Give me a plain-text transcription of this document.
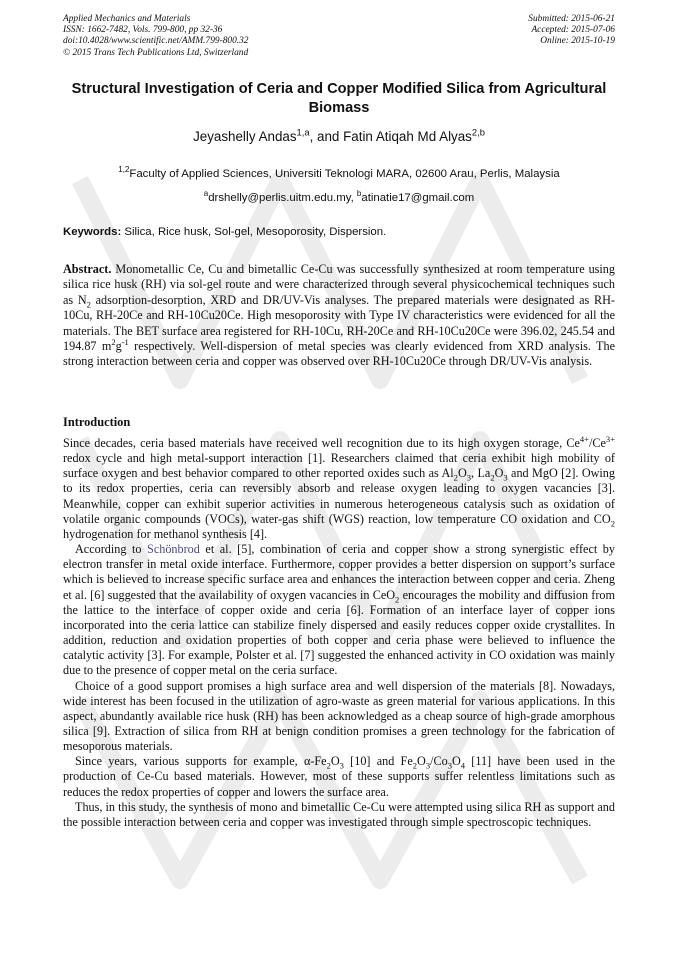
Applied Mechanics and Materials
ISSN: 1662-7482, Vols. 799-800, pp 32-36
doi:10.4028/www.scientific.net/AMM.799-800.32
© 2015 Trans Tech Publications Ltd, Switzerland
Submitted: 2015-06-21
Accepted: 2015-07-06
Online: 2015-10-19
Structural Investigation of Ceria and Copper Modified Silica from Agricultural Biomass
Jeyashelly Andas$^{1,a}$, and Fatin Atiqah Md Alyas$^{2,b}$
$^{1,2}$Faculty of Applied Sciences, Universiti Teknologi MARA, 02600 Arau, Perlis, Malaysia
$^a$drshelly@perlis.uitm.edu.my, $^b$atinatie17@gmail.com
Keywords: Silica, Rice husk, Sol-gel, Mesoporosity, Dispersion.
Abstract. Monometallic Ce, Cu and bimetallic Ce-Cu was successfully synthesized at room temperature using silica rice husk (RH) via sol-gel route and were characterized through several physicochemical techniques such as $N_2$ adsorption-desorption, XRD and DR/UV-Vis analyses. The prepared materials were designated as RH-10Cu, RH-20Ce and RH-10Cu20Ce. High mesoporosity with Type IV characteristics were evidenced for all the materials. The BET surface area registered for RH-10Cu, RH-20Ce and RH-10Cu20Ce were 396.02, 245.54 and 194.87 $m^2g^{-1}$ respectively. Well-dispersion of metal species was clearly evidenced from XRD analysis. The strong interaction between ceria and copper was observed over RH-10Cu20Ce through DR/UV-Vis analysis.
Introduction

Since decades, ceria based materials have received well recognition due to its high oxygen storage, $Ce^{4+}/Ce^{3+}$ redox cycle and high metal-support interaction [1]. Researchers claimed that ceria exhibit high mobility of surface oxygen and best behavior compared to other reported oxides such as $Al_2O_3$, $La_2O_3$ and MgO [2]. Owing to its redox properties, ceria can reversibly absorb and release oxygen leading to oxygen vacancies [3]. Meanwhile, copper can exhibit superior activities in numerous heterogeneous catalysis such as oxidation of volatile organic compounds (VOCs), water-gas shift (WGS) reaction, low temperature CO oxidation and $CO_2$ hydrogenation for methanol synthesis [4].

According to Schönbrod et al. [5], combination of ceria and copper show a strong synergistic effect by electron transfer in metal oxide interface. Furthermore, copper provides a better dispersion on support’s surface which is believed to increase specific surface area and enhances the interaction between copper and ceria. Zheng et al. [6] suggested that the availability of oxygen vacancies in CeO$_2$ encourages the mobility and diffusion from the lattice to the interface of copper oxide and ceria [6]. Formation of an interface layer of copper ions incorporated into the ceria lattice can stabilize finely dispersed and easily reduces copper oxide crystallites. In addition, reduction and oxidation properties of both copper and ceria phase were believed to influence the catalytic activity [3]. For example, Polster et al. [7] suggested the enhanced activity in CO oxidation was mainly due to the presence of copper metal on the ceria surface.

Choice of a good support promises a high surface area and well dispersion of the materials [8]. Nowadays, wide interest has been focused in the utilization of agro-waste as green material for various applications. In this aspect, abundantly available rice husk (RH) has been acknowledged as a cheap source of high-grade amorphous silica [9]. Extraction of silica from RH at benign condition promises a green technology for the fabrication of mesoporous materials.

Since years, various supports for example, $\alpha-Fe_2O_3$ [10] and $Fe_2O_3/Co_3O_4$ [11] have been used in the production of Ce-Cu based materials. However, most of these supports suffer relentless limitations such as reduces the redox properties of copper and lowers the surface area.

Thus, in this study, the synthesis of mono and bimetallic Ce-Cu were attempted using silica RH as support and the possible interaction between ceria and copper was investigated through simple spectroscopic techniques.
